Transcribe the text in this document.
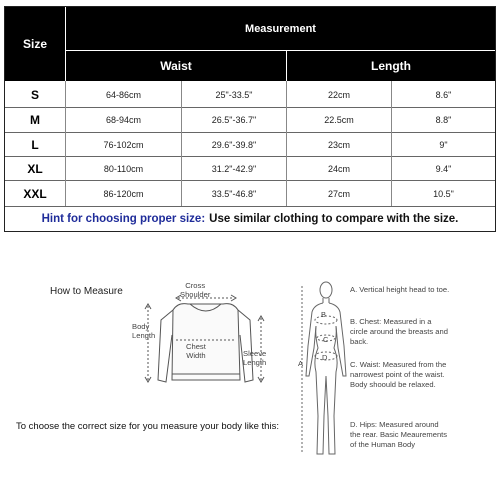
Size
Measurement
Waist	Length
S	64-86cm	25"-33.5"	22cm	8.6"
M	68-94cm	26.5"-36.7"	22.5cm	8.8"
L	76-102cm	29.6"-39.8"	23cm	9"
XL	80-110cm	31.2"-42.9"	24cm	9.4"
XXL	86-120cm	33.5"-46.8"	27cm	10.5"
Hint for choosing proper size: Use similar clothing to compare with the size.
How to Measure
Cross
Shoulder
Body
Length
Chest
Width	Sleeve
Length
B
C
D
A
A. Vertical height head to toe.
B. Chest: Measured in a circle around the breasts and back.
C. Waist: Measured from the narrowest point of the waist. Body shoould be relaxed.
D. Hips: Measured around the rear. Basic Meaurements of the Human Body
To choose the correct size for you measure your body like this:
